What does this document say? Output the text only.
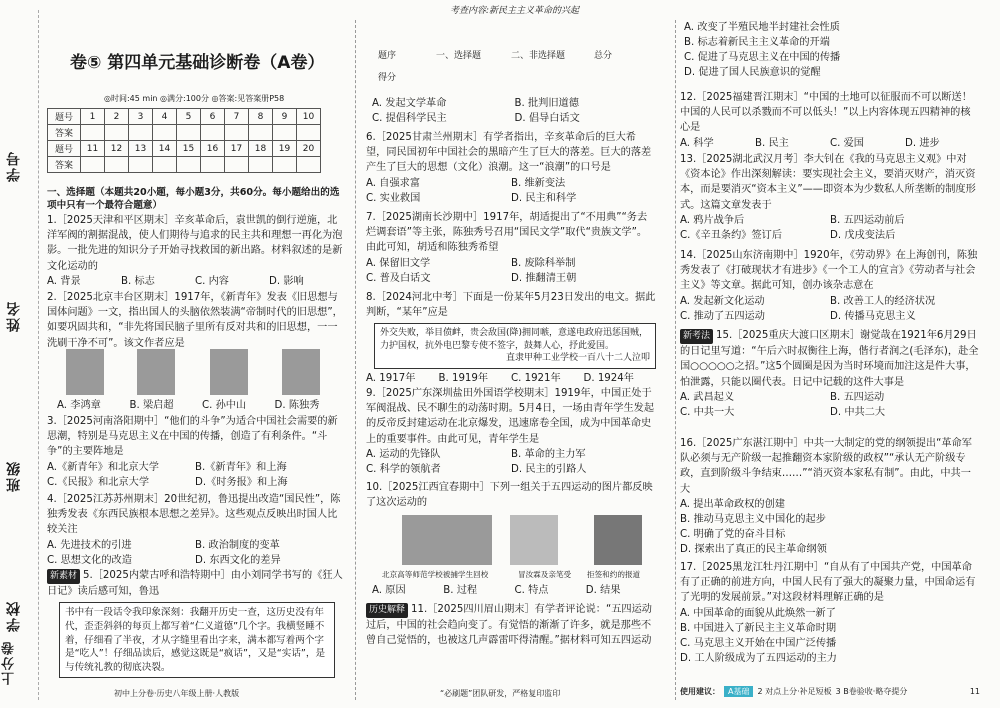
学号
姓名
班级
学校
上分卷
卷⑤ 第四单元基础诊断卷（A卷）
◎时间:45 min ◎满分:100分 ◎答案:见答案册P58
题号	1	2	3	4	5	6	7	8	9	10
答案										
题号	11	12	13	14	15	16	17	18	19	20
答案										
一、选择题（本题共20小题，每小题3分，共60分。每小题给出的选项中只有一个最符合题意）

1.［2025天津和平区期末］辛亥革命后，袁世凯的倒行逆施，北洋军阀的割据混战，使人们期待与追求的民主共和理想一再化为泡影。一批先进的知识分子开始寻找救国的新出路。材料叙述的是新文化运动的

A. 背景	B. 标志	C. 内容	D. 影响

2.［2025北京丰台区期末］1917年，《新青年》发表《旧思想与国体问题》一文，指出国人的头脑依然装满“帝制时代的旧思想”，如要巩固共和，“非先将国民脑子里所有反对共和的旧思想，一一洗刷干净不可”。该文作者应是

A. 李鸿章	B. 梁启超	C. 孙中山	D. 陈独秀

3.［2025河南洛阳期中］“他们的斗争”为适合中国社会需要的新思潮，特别是马克思主义在中国的传播，创造了有利条件。“斗争”的主要阵地是

A.《新青年》和北京大学	B.《新青年》和上海
C.《民报》和北京大学	D.《时务报》和上海

4.［2025江苏苏州期末］20世纪初，鲁迅提出改造“国民性”，陈独秀发表《东西民族根本思想之差异》。这些观点反映出时国人比较关注

A. 先进技术的引进	B. 政治制度的变革
C. 思想文化的改造	D. 东西文化的差异

新素材 5.［2025内蒙古呼和浩特期中］由小刘同学书写的《狂人日记》读后感可知，鲁迅

书中有一段话令我印象深刻：我翻开历史一查，这历史没有年代，歪歪斜斜的每页上都写着“仁义道德”几个字。我横竖睡不着，仔细看了半夜，才从字缝里看出字来，满本都写着两个字是“吃人”！仔细品读后，感觉这既是“疯话”，又是“实话”，是与传统礼教的彻底决裂。
初中上分卷·历史八年级上册·人教版
考查内容:新民主主义革命的兴起
题序	一、选择题	二、非选择题	总分
得分
A. 发起文学革命	B. 批判旧道德
C. 提倡科学民主	D. 倡导白话文

6.［2025甘肃兰州期末］有学者指出，辛亥革命后的巨大希望，同民国初年中国社会的黑暗产生了巨大的落差。巨大的落差产生了巨大的思想（文化）浪潮。这一“浪潮”的口号是

A. 自强求富	B. 维新变法
C. 实业救国	D. 民主和科学

7.［2025湖南长沙期中］1917年，胡适提出了“不用典”“务去烂调套语”等主张，陈独秀号召用“国民文学”取代“贵族文学”。由此可知，胡适和陈独秀希望

A. 保留旧文学	B. 废除科举制
C. 普及白话文	D. 推翻清王朝

8.［2024河北中考］下面是一份某年5月23日发出的电文。据此判断，“某年”应是

外交失败，举目偾衅，贵会敌国(降)拥同嗾，意遂电政府迅惩国贼，力护国权，抗外电巴黎专使不签字，鼓舞人心，抒此爱国。
直隶甲种工业学校一百八十二人泣叩
A. 1917年	B. 1919年	C. 1921年	D. 1924年

9.［2025广东深圳盐田外国语学校期末］1919年，中国正处于军阀混战、民不聊生的动荡时期。5月4日，一场由青年学生发起的反帝反封建运动在北京爆发，迅速席卷全国，成为中国革命史上的重要事件。由此可见，青年学生是

A. 运动的先锋队	B. 革命的主力军
C. 科学的领航者	D. 民主的引路人

10.［2025江西宜春期中］下列一组关于五四运动的图片都反映了这次运动的

北京高等师范学校被捕学生回校	冒汝霖及亲笔受 拒签和约的报道
A. 原因	B. 过程	C. 特点	D. 结果

历史解释 11.［2025四川眉山期末］有学者评论说：“五四运动过后，中国的社会趋向变了。有觉悟的渐渐了许多，就是那些不曾自己觉悟的，也被这几声霹雷吓得清醒。”据材料可知五四运动

“必刷题”团队研发，严格复印监印
A. 改变了半殖民地半封建社会性质
B. 标志着新民主主义革命的开端
C. 促进了马克思主义在中国的传播
D. 促进了国人民族意识的觉醒

12.［2025福建晋江期末］“中国的土地可以征服而不可以断送！中国的人民可以杀戮而不可以低头！”以上内容体现五四精神的核心是

A. 科学	B. 民主	C. 爱国	D. 进步

13.［2025湖北武汉月考］李大钊在《我的马克思主义观》中对《资本论》作出深刻解读：要实现社会主义，要消灭财产，消灭资本，而是要消灭“资本主义”——即资本为少数私人所垄断的制度形式。这篇文章发表于

A. 鸦片战争后	B. 五四运动前后
C.《辛丑条约》签订后	D. 戊戌变法后

14.［2025山东济南期中］1920年，《劳动界》在上海创刊，陈独秀发表了《打破现状才有进步》《一个工人的宣言》《劳动者与社会主义》等文章。据此可知，创办该杂志意在

A. 发起新文化运动	B. 改善工人的经济状况
C. 推动了五四运动	D. 传播马克思主义

新考法 15.［2025重庆大渡口区期末］谢觉哉在1921年6月29日的日记里写道：“午后六时叔衡往上海，偕行者润之(毛泽东)，赴全国○○○○○之招。”这5个圆圈是因为当时环境而加注这是件大事，怕泄露，只能以圈代表。日记中记载的这件大事是

A. 武昌起义	B. 五四运动
C. 中共一大	D. 中共二大

16.［2025广东湛江期中］中共一大制定的党的纲领提出“革命军队必须与无产阶级一起推翻资本家阶级的政权”“承认无产阶级专政，直到阶级斗争结束……”“消灭资本家私有制”。由此，中共一大

A. 提出革命政权的创建
B. 推动马克思主义中国化的起步
C. 明确了党的奋斗目标
D. 探索出了真正的民主革命纲领

17.［2025黑龙江牡丹江期中］“自从有了中国共产党，中国革命有了正确的前进方向，中国人民有了强大的凝聚力量，中国命运有了光明的发展前景。”对这段材料理解正确的是

A. 中国革命的面貌从此焕然一新了
B. 中国进入了新民主主义革命时期
C. 马克思主义开始在中国广泛传播
D. 工人阶级成为了五四运动的主力
使用建议：	A基础	2 对点上分·补足短板 3 B卷验收·略夺提分	11
